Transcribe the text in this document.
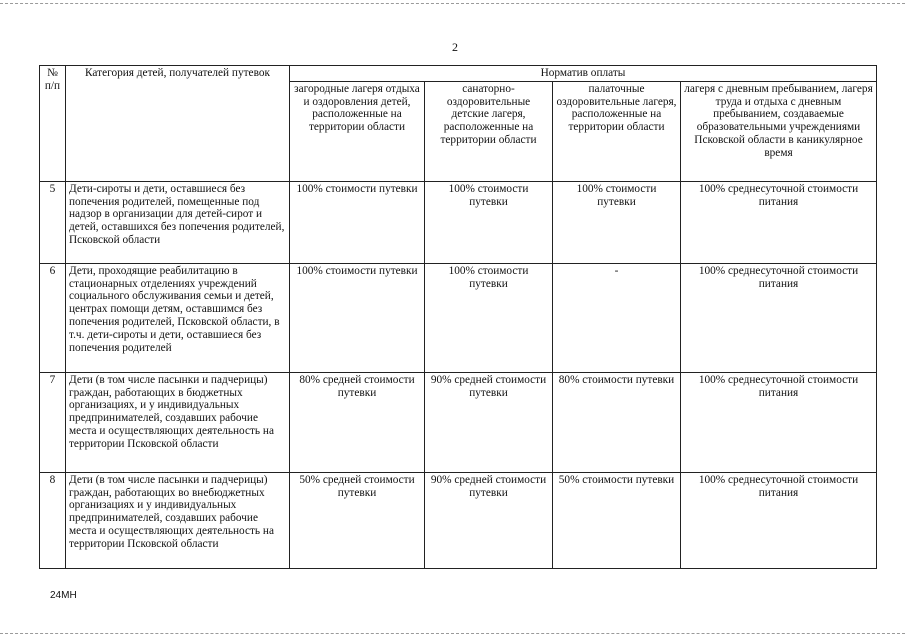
2
№ п/п	Категория детей, получателей путевок	Норматив оплаты			
		загородные лагеря отдыха и оздоровления детей, расположенные на территории области	санаторно-оздоровительные детские лагеря, расположенные на территории области	палаточные оздоровительные лагеря, расположенные на территории области	лагеря с дневным пребыванием, лагеря труда и отдыха с дневным пребыванием, создаваемые образовательными учреждениями Псковской области в каникулярное время
5	Дети-сироты и дети, оставшиеся без попечения родителей, помещенные под надзор в организации для детей-сирот и детей, оставшихся без попечения родителей, Псковской области	100% стоимости путевки	100% стоимости путевки	100% стоимости путевки	100% среднесуточной стоимости питания
6	Дети, проходящие реабилитацию в стационарных отделениях учреждений социального обслуживания семьи и детей, центрах помощи детям, оставшимся без попечения родителей, Псковской области, в т.ч. дети-сироты и дети, оставшиеся без попечения родителей	100% стоимости путевки	100% стоимости путевки	-	100% среднесуточной стоимости питания
7	Дети (в том числе пасынки и падчерицы) граждан, работающих в бюджетных организациях, и у индивидуальных предпринимателей, создавших рабочие места и осуществляющих деятельность на территории Псковской области	80% средней стоимости путевки	90% средней стоимости путевки	80% стоимости путевки	100% среднесуточной стоимости питания
8	Дети (в том числе пасынки и падчерицы) граждан, работающих во внебюджетных организациях и у индивидуальных предпринимателей, создавших рабочие места и осуществляющих деятельность на территории Псковской области	50% средней стоимости путевки	90% средней стоимости путевки	50% стоимости путевки	100% среднесуточной стоимости питания
24МН
